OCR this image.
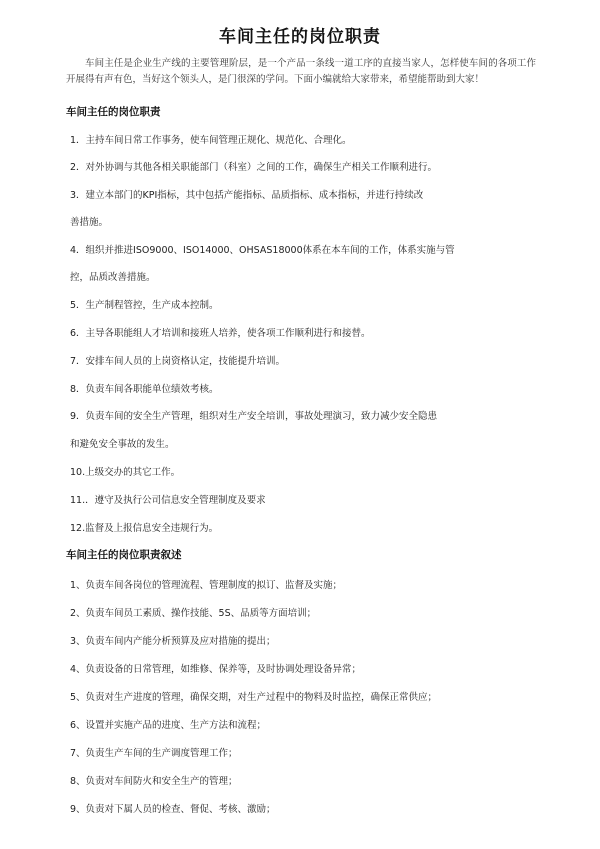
车间主任的岗位职责
车间主任是企业生产线的主要管理阶层，是一个产品一条线一道工序的直接当家人，怎样使车间的各项工作开展得有声有色，当好这个领头人，是门很深的学问。下面小编就给大家带来，希望能帮助到大家！
车间主任的岗位职责
1．主持车间日常工作事务，使车间管理正规化、规范化、合理化。
2．对外协调与其他各相关职能部门（科室）之间的工作，确保生产相关工作顺利进行。
3．建立本部门的KPI指标，其中包括产能指标、品质指标、成本指标，并进行持续改
善措施。
4．组织并推进ISO9000、ISO14000、OHSAS18000体系在本车间的工作，体系实施与管
控，品质改善措施。
5．生产制程管控，生产成本控制。
6．主导各职能组人才培训和接班人培养，使各项工作顺利进行和接替。
7．安排车间人员的上岗资格认定，技能提升培训。
8．负责车间各职能单位绩效考核。
9．负责车间的安全生产管理，组织对生产安全培训，事故处理演习，致力减少安全隐患
和避免安全事故的发生。
10.上级交办的其它工作。
11.．遵守及执行公司信息安全管理制度及要求
12.监督及上报信息安全违规行为。
车间主任的岗位职责叙述
1、负责车间各岗位的管理流程、管理制度的拟订、监督及实施；
2、负责车间员工素质、操作技能、5S、品质等方面培训；
3、负责车间内产能分析预算及应对措施的提出；
4、负责设备的日常管理，如维修、保养等，及时协调处理设备异常；
5、负责对生产进度的管理，确保交期，对生产过程中的物料及时监控，确保正常供应；
6、设置并实施产品的进度、生产方法和流程；
7、负责生产车间的生产调度管理工作；
8、负责对车间防火和安全生产的管理；
9、负责对下属人员的检查、督促、考核、激励；
